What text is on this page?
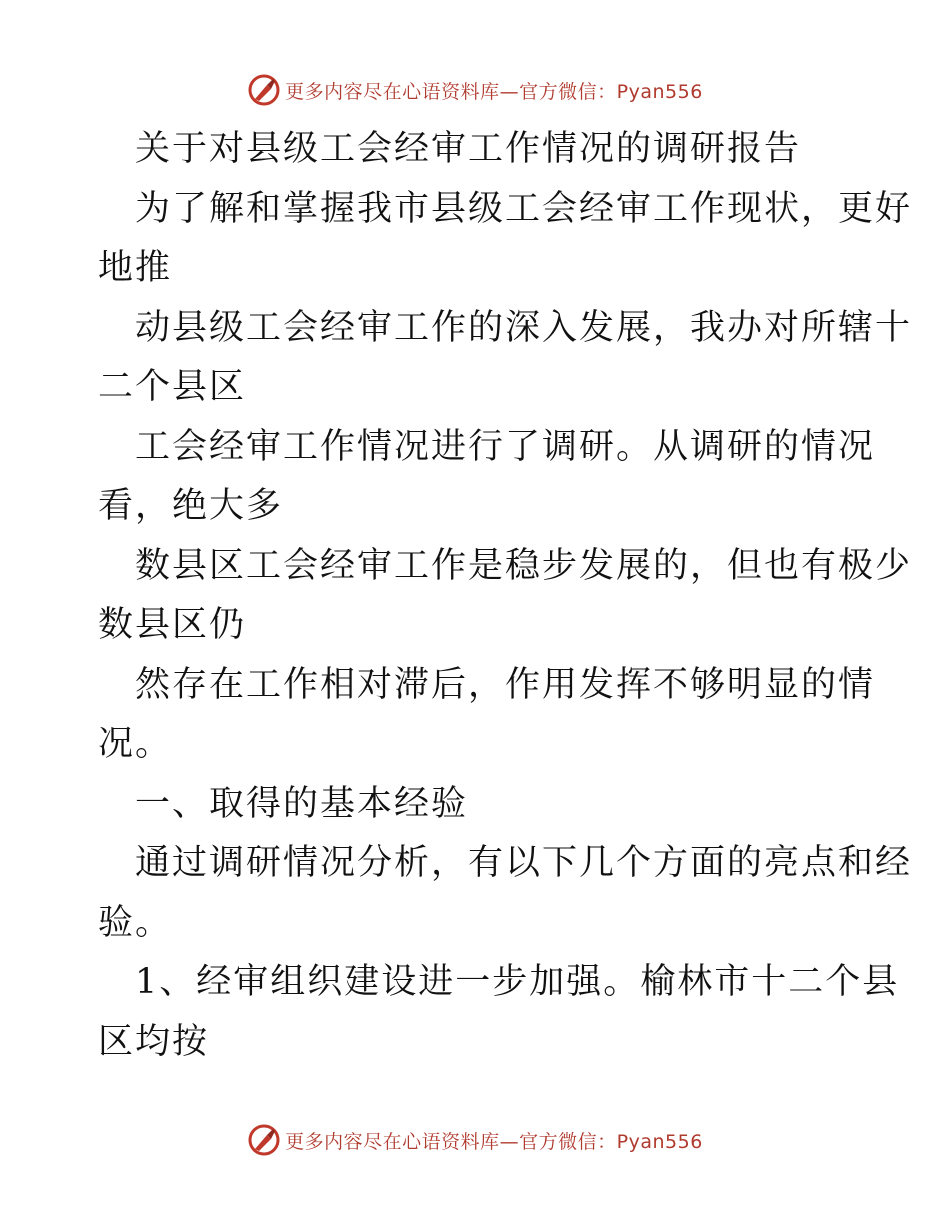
更多内容尽在心语资料库—官方微信：Pyan556
关于对县级工会经审工作情况的调研报告
为了解和掌握我市县级工会经审工作现状，更好
地推
动县级工会经审工作的深入发展，我办对所辖十
二个县区
工会经审工作情况进行了调研。从调研的情况
看，绝大多
数县区工会经审工作是稳步发展的，但也有极少
数县区仍
然存在工作相对滞后，作用发挥不够明显的情
况。
一、取得的基本经验
通过调研情况分析，有以下几个方面的亮点和经
验。
1、经审组织建设进一步加强。榆林市十二个县
区均按
更多内容尽在心语资料库—官方微信：Pyan556
